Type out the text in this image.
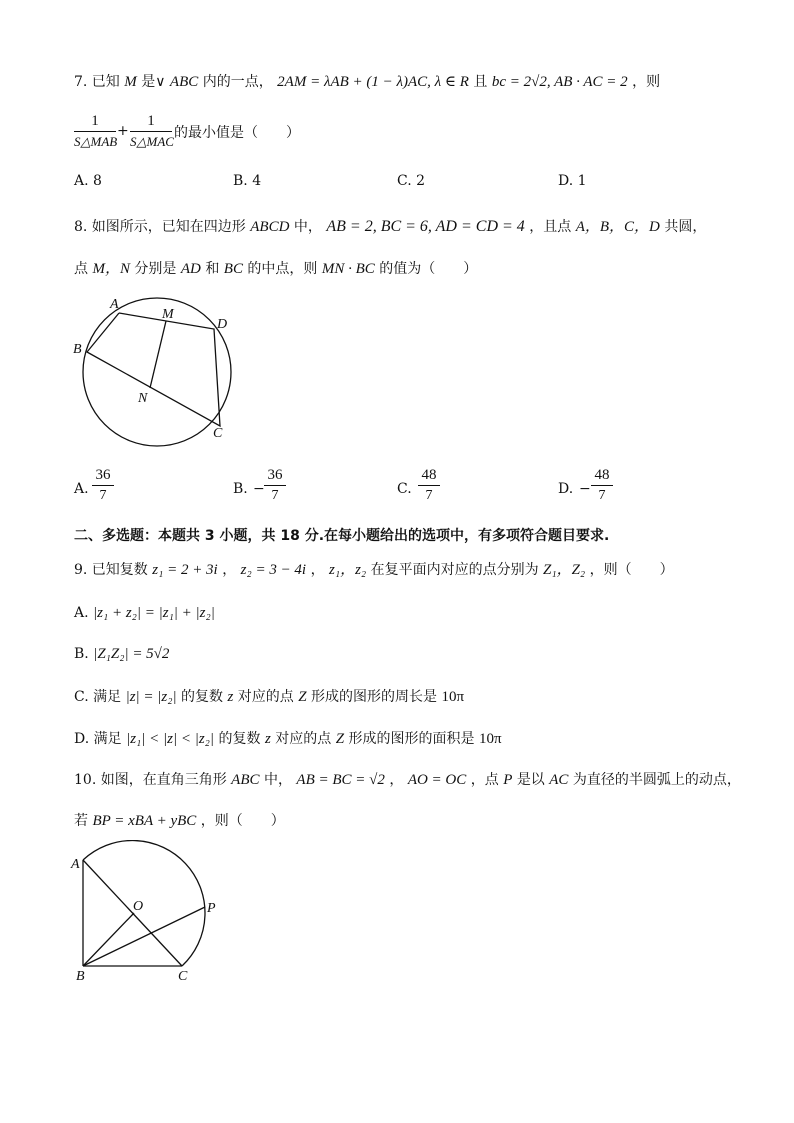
7. 已知 M 是∨ ABC 内的一点， 2AM = λAB + (1 − λ)AC, λ ∈ R 且 bc = 2√2, AB · AC = 2 ，则
1
S△MAB
+
1
S△MAC
的最小值是（　　）
A. 8	B. 4	C. 2	D. 1
8. 如图所示，已知在四边形 ABCD 中， AB = 2, BC = 6, AD = CD = 4 ，且点 A，B，C，D 共圆，
点 M，N 分别是 AD 和 BC 的中点，则 MN · BC 的值为（　　）
A
B
C
D
M
N
A.
36
7	B. −
36
7	C.
48
7	D. −
48
7
二、多选题：本题共 3 小题，共 18 分.在每小题给出的选项中，有多项符合题目要求.
9. 已知复数 z₁ = 2 + 3i ， z₂ = 3 − 4i ， z₁，z₂ 在复平面内对应的点分别为 Z₁，Z₂ ，则（　　）
A. |z₁ + z₂| = |z₁| + |z₂|
B. |Z₁Z₂| = 5√2
C. 满足 |z| = |z₂| 的复数 z 对应的点 Z 形成的图形的周长是 10π
D. 满足 |z₁| < |z| < |z₂| 的复数 z 对应的点 Z 形成的图形的面积是 10π
10. 如图，在直角三角形 ABC 中， AB = BC = √2 ， AO = OC ，点 P 是以 AC 为直径的半圆弧上的动点，
若 BP = xBA + yBC ，则（　　）
A
B	C
O	P
